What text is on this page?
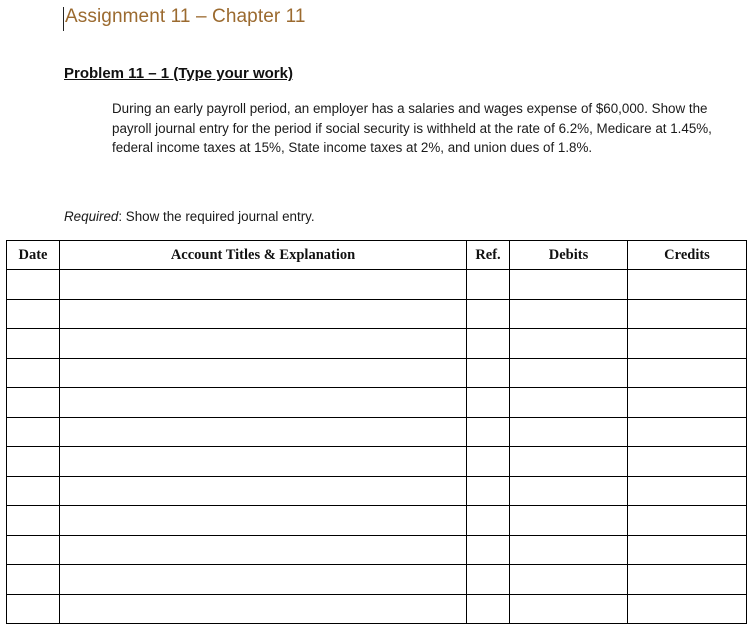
Assignment 11 – Chapter 11
Problem 11 – 1 (Type your work)
During an early payroll period, an employer has a salaries and wages expense of $60,000. Show the payroll journal entry for the period if social security is withheld at the rate of 6.2%, Medicare at 1.45%, federal income taxes at 15%, State income taxes at 2%, and union dues of 1.8%.
Required: Show the required journal entry.
Date	Account Titles & Explanation	Ref.	Debits	Credits
